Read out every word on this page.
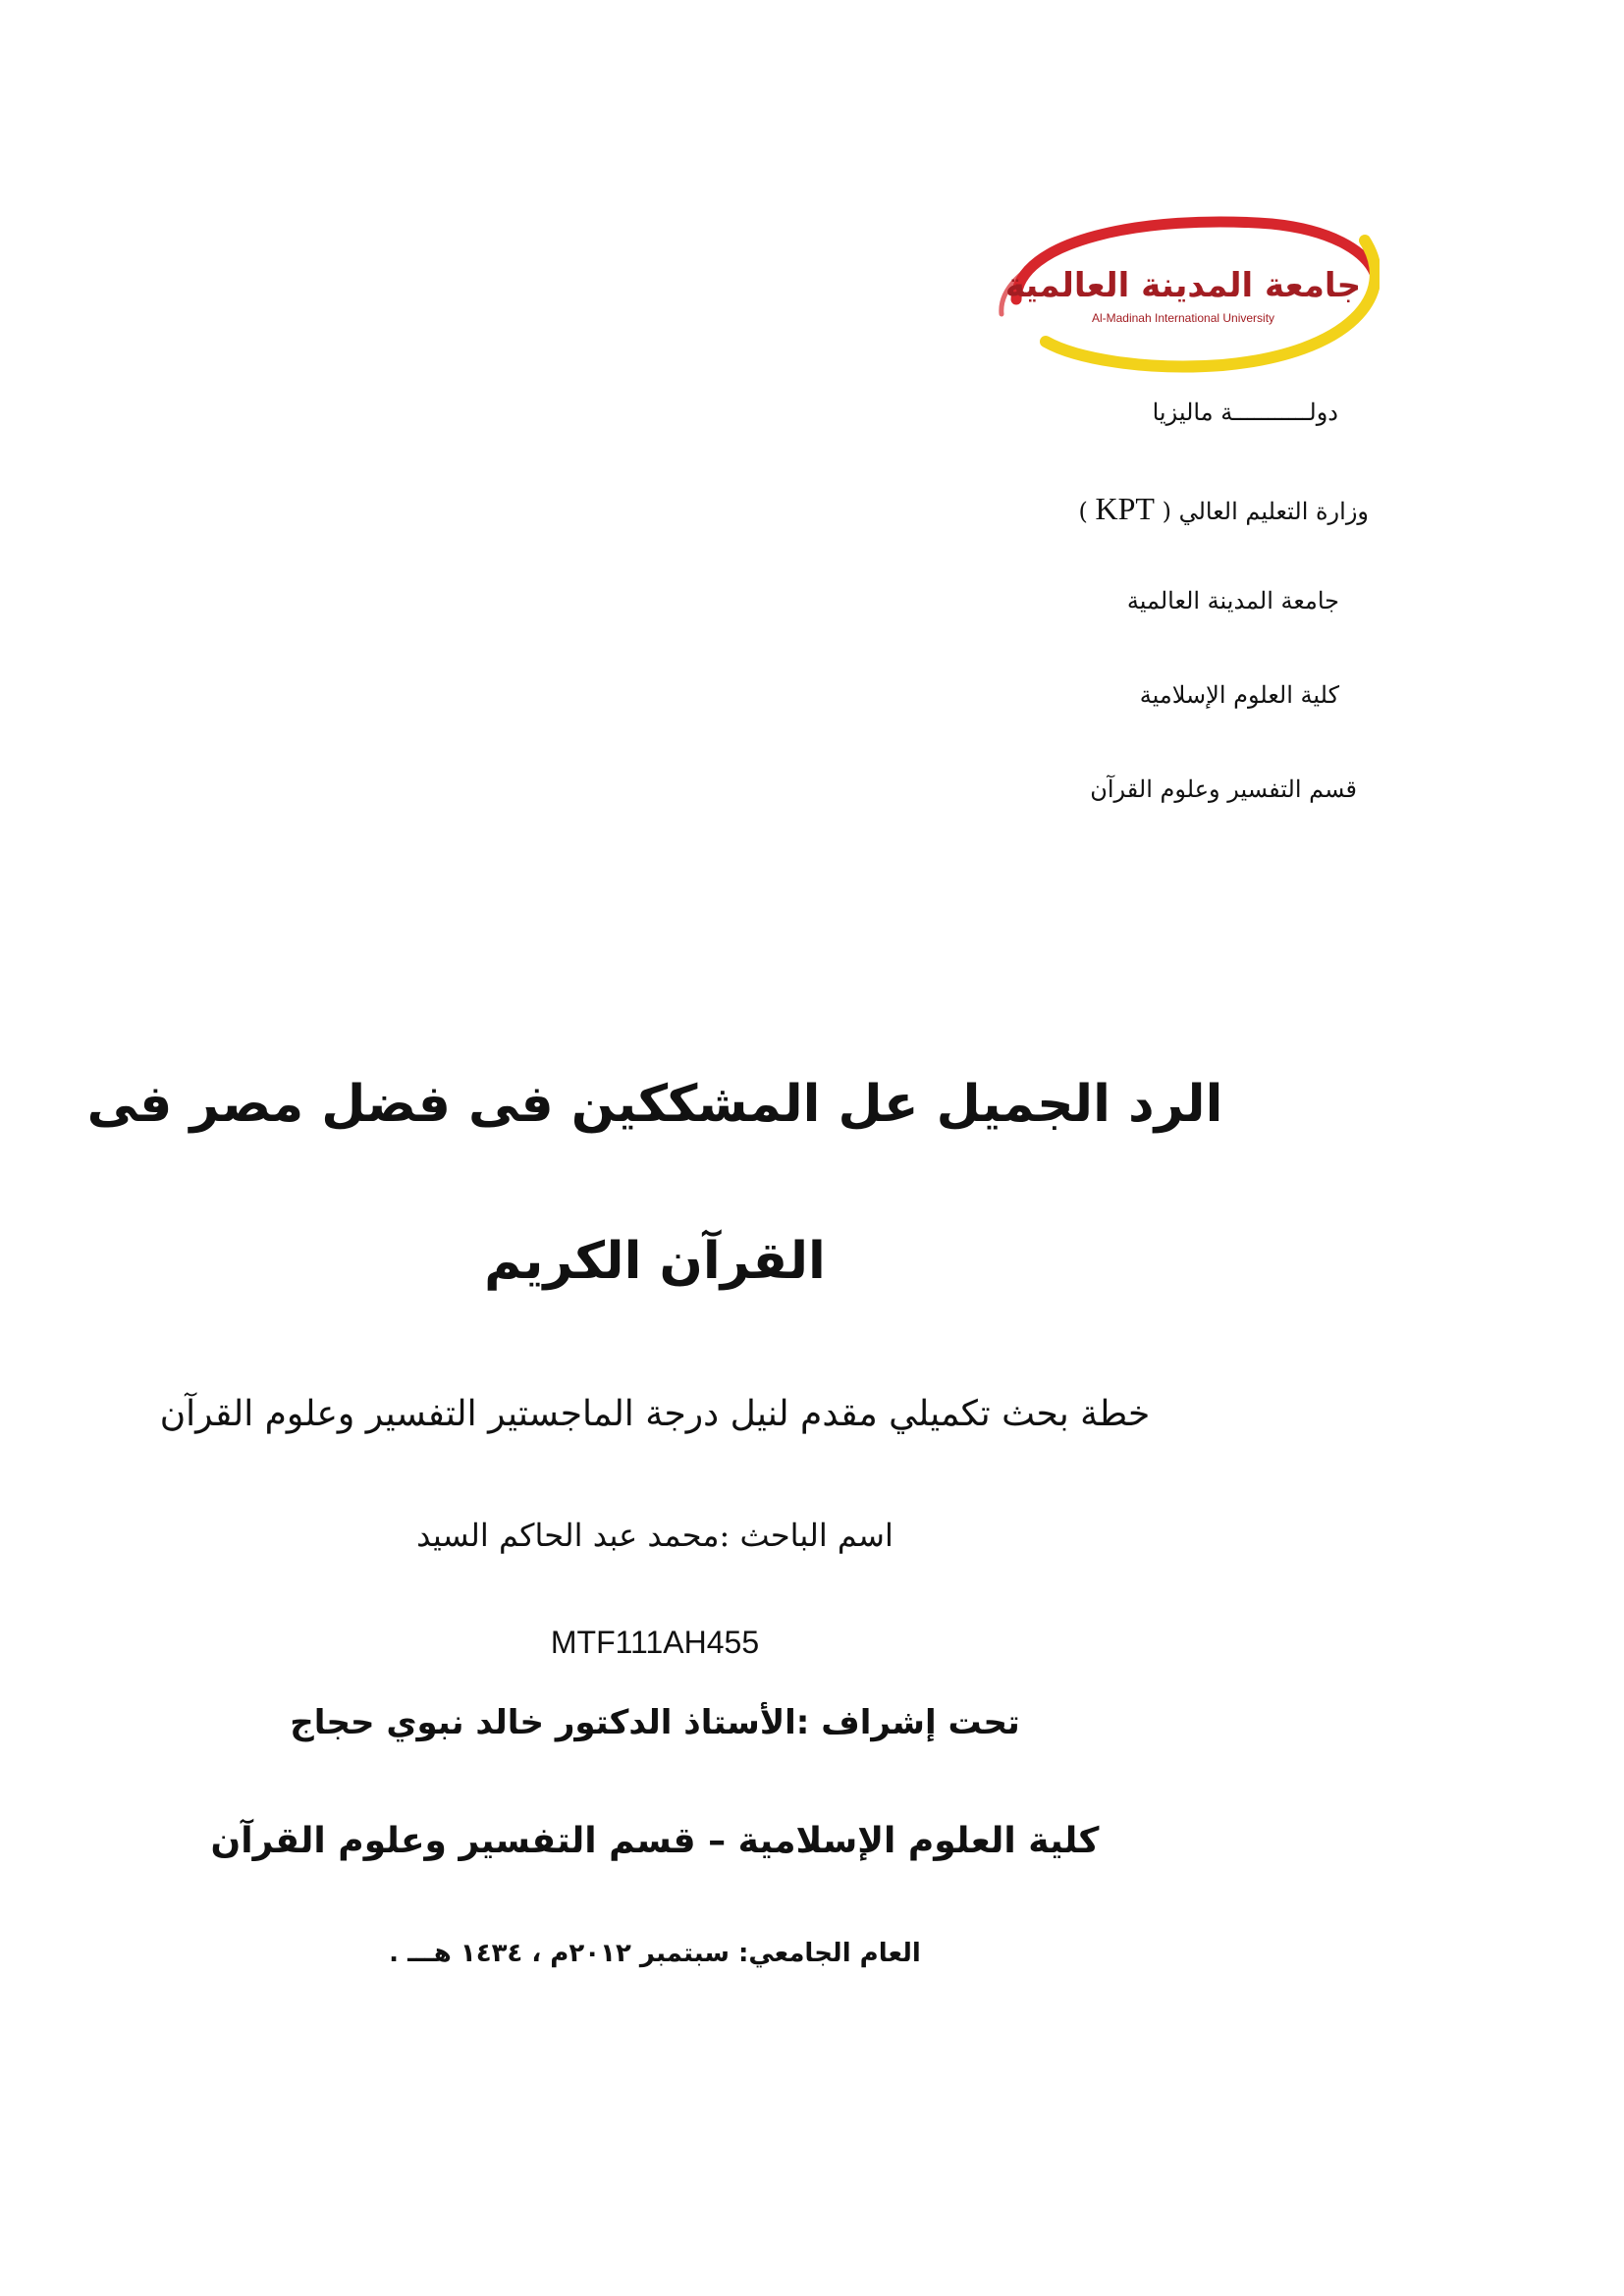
جامعة المدينة العالمية
Al-Madinah International University
دولـــــــــــة ماليزيا
وزارة التعليم العالي ( KPT )
جامعة المدينة العالمية
كلية العلوم الإسلامية
قسم التفسير وعلوم القرآن
الرد الجميل عل المشككين فى فضل مصر فى
القرآن الكريم
خطة بحث تكميلي مقدم لنيل درجة الماجستير التفسير وعلوم القرآن
اسم الباحث :محمد عبد الحاكم السيد
MTF111AH455
تحت إشراف :الأستاذ الدكتور خالد نبوي حجاج
كلية العلوم الإسلامية – قسم التفسير وعلوم القرآن
العام الجامعي: سبتمبر ٢٠١٢م ، ١٤٣٤ هـــ .
